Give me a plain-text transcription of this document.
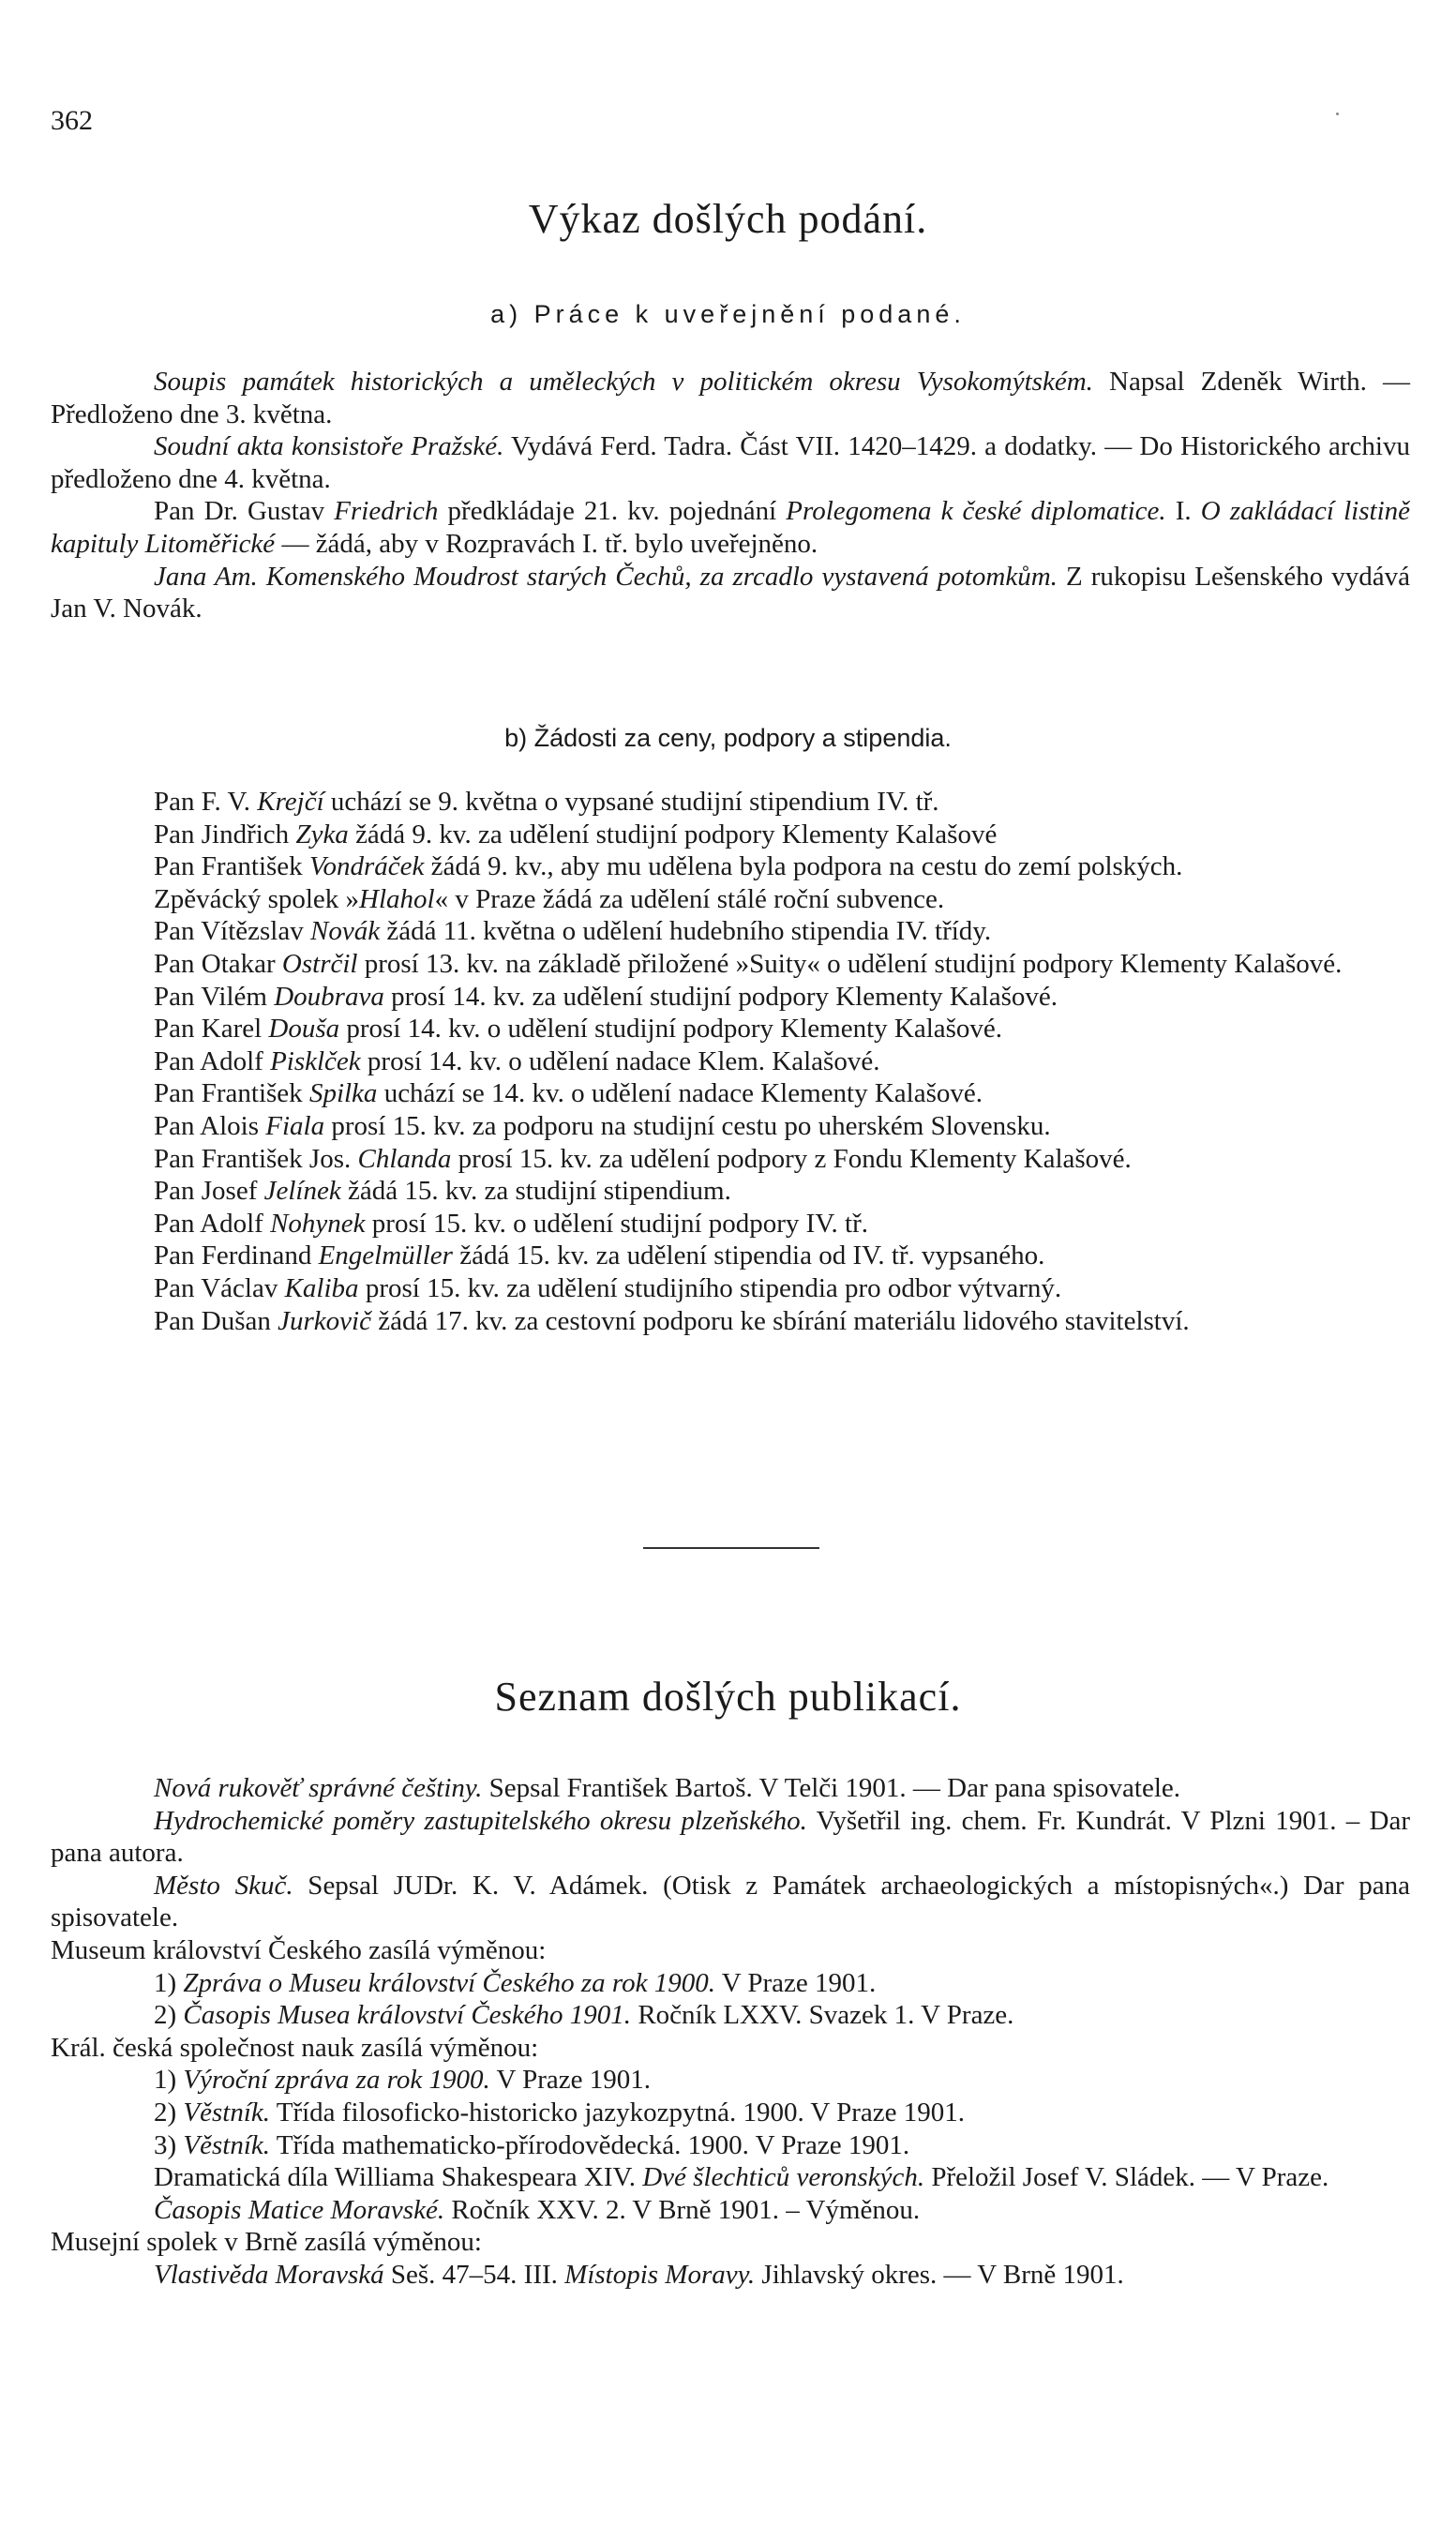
362
Výkaz došlých podání.
a) Práce k uveřejnění podané.

Soupis památek historických a uměleckých v politickém okresu Vysokomýtském. Napsal Zdeněk Wirth. — Předloženo dne 3. května.

Soudní akta konsistoře Pražské. Vydává Ferd. Tadra. Část VII. 1420–1429. a dodatky. — Do Historického archivu předloženo dne 4. května.

Pan Dr. Gustav Friedrich předkládaje 21. kv. pojednání Prolegomena k české diplomatice. I. O zakládací listině kapituly Litoměřické — žádá, aby v Rozpravách I. tř. bylo uveřejněno.

Jana Am. Komenského Moudrost starých Čechů, za zrcadlo vystavená potomkům. Z rukopisu Lešenského vydává Jan V. Novák.

b) Žádosti za ceny, podpory a stipendia.

Pan F. V. Krejčí uchází se 9. května o vypsané studijní stipendium IV. tř.

Pan Jindřich Zyka žádá 9. kv. za udělení studijní podpory Klementy Kalašové

Pan František Vondráček žádá 9. kv., aby mu udělena byla podpora na cestu do zemí polských.

Zpěvácký spolek »Hlahol« v Praze žádá za udělení stálé roční subvence.

Pan Vítězslav Novák žádá 11. května o udělení hudebního stipendia IV. třídy.

Pan Otakar Ostrčil prosí 13. kv. na základě přiložené »Suity« o udělení studijní podpory Klementy Kalašové.

Pan Vilém Doubrava prosí 14. kv. za udělení studijní podpory Klementy Kalašové.

Pan Karel Douša prosí 14. kv. o udělení studijní podpory Klementy Kalašové.

Pan Adolf Pisklček prosí 14. kv. o udělení nadace Klem. Kalašové.

Pan František Spilka uchází se 14. kv. o udělení nadace Klementy Kalašové.

Pan Alois Fiala prosí 15. kv. za podporu na studijní cestu po uherském Slovensku.

Pan František Jos. Chlanda prosí 15. kv. za udělení podpory z Fondu Klementy Kalašové.

Pan Josef Jelínek žádá 15. kv. za studijní stipendium.

Pan Adolf Nohynek prosí 15. kv. o udělení studijní podpory IV. tř.

Pan Ferdinand Engelmüller žádá 15. kv. za udělení stipendia od IV. tř. vypsaného.

Pan Václav Kaliba prosí 15. kv. za udělení studijního stipendia pro odbor výtvarný.

Pan Dušan Jurkovič žádá 17. kv. za cestovní podporu ke sbírání materiálu lidového stavitelství.

Seznam došlých publikací.

Nová rukověť správné češtiny. Sepsal František Bartoš. V Telči 1901. — Dar pana spisovatele.

Hydrochemické poměry zastupitelského okresu plzeňského. Vyšetřil ing. chem. Fr. Kundrát. V Plzni 1901. – Dar pana autora.

Město Skuč. Sepsal JUDr. K. V. Adámek. (Otisk z Památek archaeologických a místopisných«.) Dar pana spisovatele.

Museum království Českého zasílá výměnou:

1) Zpráva o Museu království Českého za rok 1900. V Praze 1901.

2) Časopis Musea království Českého 1901. Ročník LXXV. Svazek 1. V Praze.

Král. česká společnost nauk zasílá výměnou:

1) Výroční zpráva za rok 1900. V Praze 1901.

2) Věstník. Třída filosoficko-historicko jazykozpytná. 1900. V Praze 1901.

3) Věstník. Třída mathematicko-přírodovědecká. 1900. V Praze 1901.

Dramatická díla Williama Shakespeara XIV. Dvé šlechticů veronských. Přeložil Josef V. Sládek. — V Praze.

Časopis Matice Moravské. Ročník XXV. 2. V Brně 1901. – Výměnou.

Musejní spolek v Brně zasílá výměnou:

Vlastivěda Moravská Seš. 47–54. III. Místopis Moravy. Jihlavský okres. — V Brně 1901.
